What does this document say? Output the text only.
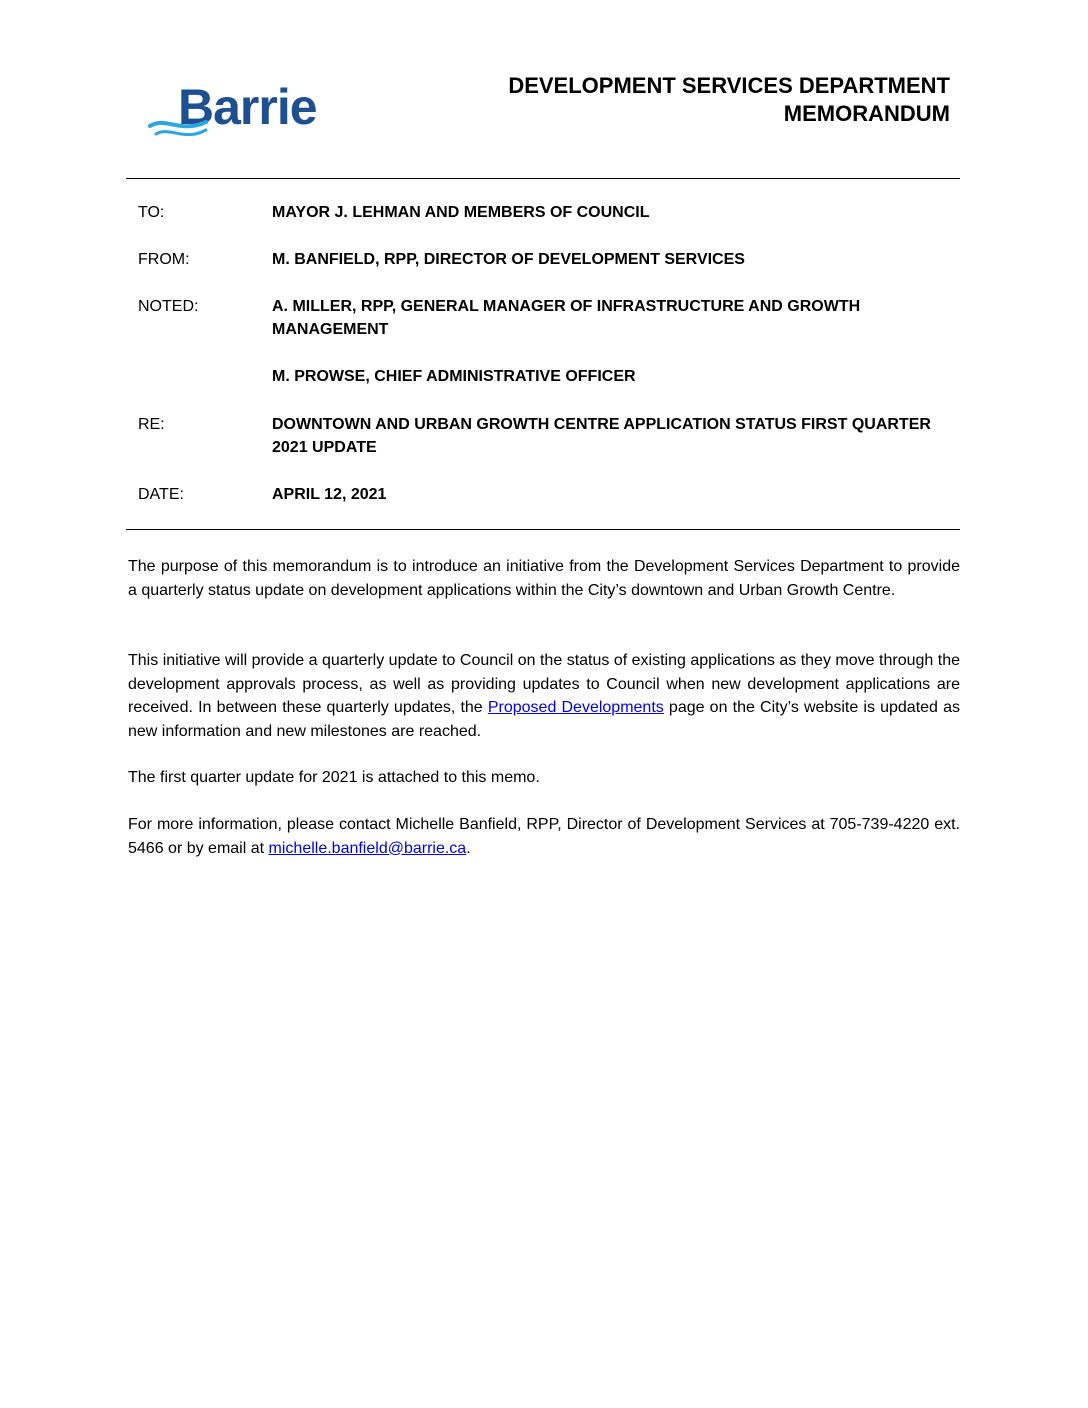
Barrie	DEVELOPMENT SERVICES DEPARTMENT
MEMORANDUM
TO:	MAYOR J. LEHMAN AND MEMBERS OF COUNCIL
FROM:	M. BANFIELD, RPP, DIRECTOR OF DEVELOPMENT SERVICES
NOTED:	A. MILLER, RPP, GENERAL MANAGER OF INFRASTRUCTURE AND GROWTH MANAGEMENT
M. PROWSE, CHIEF ADMINISTRATIVE OFFICER
RE:	DOWNTOWN AND URBAN GROWTH CENTRE APPLICATION STATUS FIRST QUARTER 2021 UPDATE
DATE:	APRIL 12, 2021
The purpose of this memorandum is to introduce an initiative from the Development Services Department to provide a quarterly status update on development applications within the City’s downtown and Urban Growth Centre.
This initiative will provide a quarterly update to Council on the status of existing applications as they move through the development approvals process, as well as providing updates to Council when new development applications are received. In between these quarterly updates, the Proposed Developments page on the City’s website is updated as new information and new milestones are reached.
The first quarter update for 2021 is attached to this memo.
For more information, please contact Michelle Banfield, RPP, Director of Development Services at 705-739-4220 ext. 5466 or by email at michelle.banfield@barrie.ca.
